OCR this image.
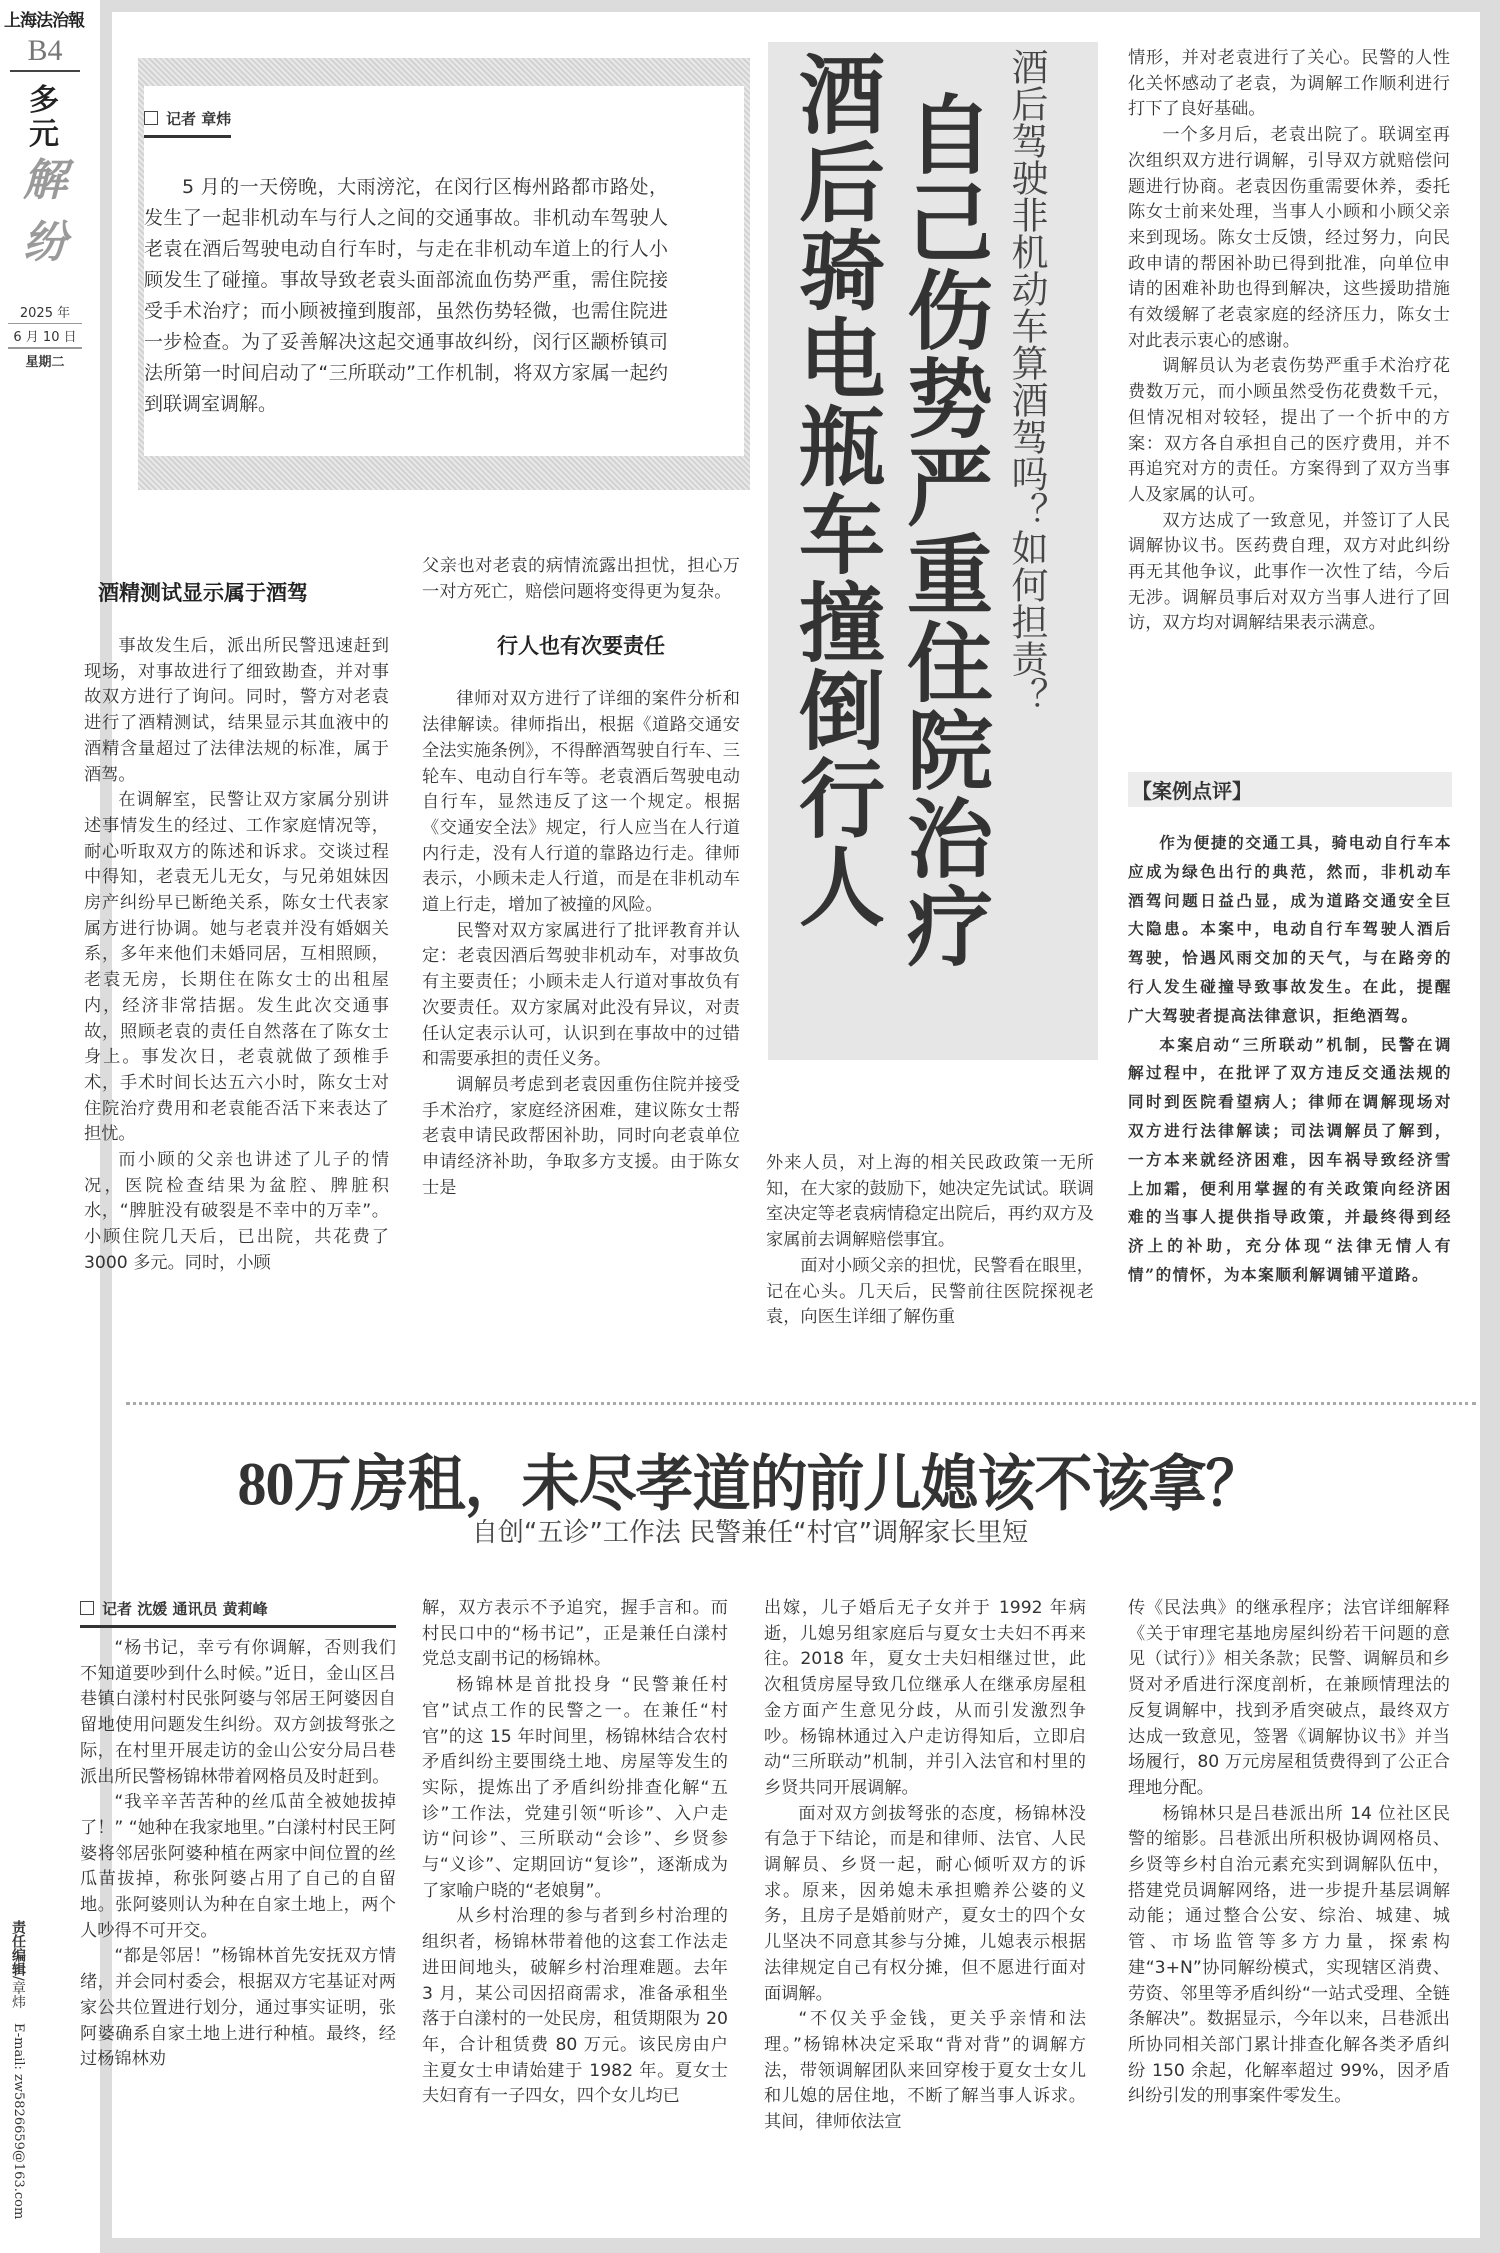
上海法治報
B4
多
元
解
纷
2025 年
6 月 10 日
星期二
责任编辑/章炜 E-mail: zw5826659@163.com
记者 章炜

5 月的一天傍晚，大雨滂沱，在闵行区梅州路都市路处，发生了一起非机动车与行人之间的交通事故。非机动车驾驶人老袁在酒后驾驶电动自行车时，与走在非机动车道上的行人小顾发生了碰撞。事故导致老袁头面部流血伤势严重，需住院接受手术治疗；而小顾被撞到腹部，虽然伤势轻微，也需住院进一步检查。为了妥善解决这起交通事故纠纷，闵行区颛桥镇司法所第一时间启动了“三所联动”工作机制，将双方家属一起约到联调室调解。

酒精测试显示属于酒驾

事故发生后，派出所民警迅速赶到现场，对事故进行了细致勘查，并对事故双方进行了询问。同时，警方对老袁进行了酒精测试，结果显示其血液中的酒精含量超过了法律法规的标准，属于酒驾。

在调解室，民警让双方家属分别讲述事情发生的经过、工作家庭情况等，耐心听取双方的陈述和诉求。交谈过程中得知，老袁无儿无女，与兄弟姐妹因房产纠纷早已断绝关系，陈女士代表家属方进行协调。她与老袁并没有婚姻关系，多年来他们未婚同居，互相照顾，老袁无房，长期住在陈女士的出租屋内，经济非常拮据。发生此次交通事故，照顾老袁的责任自然落在了陈女士身上。事发次日，老袁就做了颈椎手术，手术时间长达五六小时，陈女士对住院治疗费用和老袁能否活下来表达了担忧。

而小顾的父亲也讲述了儿子的情况，医院检查结果为盆腔、脾脏积水，“脾脏没有破裂是不幸中的万幸”。小顾住院几天后，已出院，共花费了 3000 多元。同时，小顾

父亲也对老袁的病情流露出担忧，担心万一对方死亡，赔偿问题将变得更为复杂。

行人也有次要责任

律师对双方进行了详细的案件分析和法律解读。律师指出，根据《道路交通安全法实施条例》，不得醉酒驾驶自行车、三轮车、电动自行车等。老袁酒后驾驶电动自行车，显然违反了这一个规定。根据《交通安全法》规定，行人应当在人行道内行走，没有人行道的靠路边行走。律师表示，小顾未走人行道，而是在非机动车道上行走，增加了被撞的风险。

民警对双方家属进行了批评教育并认定：老袁因酒后驾驶非机动车，对事故负有主要责任；小顾未走人行道对事故负有次要责任。双方家属对此没有异议，对责任认定表示认可，认识到在事故中的过错和需要承担的责任义务。

调解员考虑到老袁因重伤住院并接受手术治疗，家庭经济困难，建议陈女士帮老袁申请民政帮困补助，同时向老袁单位申请经济补助，争取多方支援。由于陈女士是

酒后骑电瓶车撞倒行人 自己伤势严重住院治疗 酒后驾驶非机动车算酒驾吗？如何担责？

外来人员，对上海的相关民政政策一无所知，在大家的鼓励下，她决定先试试。联调室决定等老袁病情稳定出院后，再约双方及家属前去调解赔偿事宜。

面对小顾父亲的担忧，民警看在眼里，记在心头。几天后，民警前往医院探视老袁，向医生详细了解伤重

情形，并对老袁进行了关心。民警的人性化关怀感动了老袁，为调解工作顺利进行打下了良好基础。

一个多月后，老袁出院了。联调室再次组织双方进行调解，引导双方就赔偿问题进行协商。老袁因伤重需要休养，委托陈女士前来处理，当事人小顾和小顾父亲来到现场。陈女士反馈，经过努力，向民政申请的帮困补助已得到批准，向单位申请的困难补助也得到解决，这些援助措施有效缓解了老袁家庭的经济压力，陈女士对此表示衷心的感谢。

调解员认为老袁伤势严重手术治疗花费数万元，而小顾虽然受伤花费数千元，但情况相对较轻，提出了一个折中的方案：双方各自承担自己的医疗费用，并不再追究对方的责任。方案得到了双方当事人及家属的认可。

双方达成了一致意见，并签订了人民调解协议书。医药费自理，双方对此纠纷再无其他争议，此事作一次性了结，今后无涉。调解员事后对双方当事人进行了回访，双方均对调解结果表示满意。

【案例点评】

作为便捷的交通工具，骑电动自行车本应成为绿色出行的典范，然而，非机动车酒驾问题日益凸显，成为道路交通安全巨大隐患。本案中，电动自行车驾驶人酒后驾驶，恰遇风雨交加的天气，与在路旁的行人发生碰撞导致事故发生。在此，提醒广大驾驶者提高法律意识，拒绝酒驾。

本案启动“三所联动”机制，民警在调解过程中，在批评了双方违反交通法规的同时到医院看望病人；律师在调解现场对双方进行法律解读；司法调解员了解到，一方本来就经济困难，因车祸导致经济雪上加霜，便利用掌握的有关政策向经济困难的当事人提供指导政策，并最终得到经济上的补助，充分体现“法律无情人有情”的情怀，为本案顺利解调铺平道路。

80万房租，未尽孝道的前儿媳该不该拿？
自创“五诊”工作法 民警兼任“村官”调解家长里短
记者 沈媛 通讯员 黄莉峰

“杨书记，幸亏有你调解，否则我们不知道要吵到什么时候。”近日，金山区吕巷镇白漾村村民张阿婆与邻居王阿婆因自留地使用问题发生纠纷。双方剑拔弩张之际，在村里开展走访的金山公安分局吕巷派出所民警杨锦林带着网格员及时赶到。

“我辛辛苦苦种的丝瓜苗全被她拔掉了！” “她种在我家地里。”白漾村村民王阿婆将邻居张阿婆种植在两家中间位置的丝瓜苗拔掉，称张阿婆占用了自己的自留地。张阿婆则认为种在自家土地上，两个人吵得不可开交。

“都是邻居！”杨锦林首先安抚双方情绪，并会同村委会，根据双方宅基证对两家公共位置进行划分，通过事实证明，张阿婆确系自家土地上进行种植。最终，经过杨锦林劝

解，双方表示不予追究，握手言和。而村民口中的“杨书记”，正是兼任白漾村党总支副书记的杨锦林。

杨锦林是首批投身 “民警兼任村官”试点工作的民警之一。在兼任“村官”的这 15 年时间里，杨锦林结合农村矛盾纠纷主要围绕土地、房屋等发生的实际，提炼出了矛盾纠纷排查化解“五诊”工作法，党建引领“听诊”、入户走访“问诊”、三所联动“会诊”、乡贤参与“义诊”、定期回访“复诊”，逐渐成为了家喻户晓的“老娘舅”。

从乡村治理的参与者到乡村治理的组织者，杨锦林带着他的这套工作法走进田间地头，破解乡村治理难题。去年 3 月，某公司因招商需求，准备承租坐落于白漾村的一处民房，租赁期限为 20 年，合计租赁费 80 万元。该民房由户主夏女士申请始建于 1982 年。夏女士夫妇育有一子四女，四个女儿均已

出嫁，儿子婚后无子女并于 1992 年病逝，儿媳另组家庭后与夏女士夫妇不再来往。2018 年，夏女士夫妇相继过世，此次租赁房屋导致几位继承人在继承房屋租金方面产生意见分歧，从而引发激烈争吵。杨锦林通过入户走访得知后，立即启动“三所联动”机制，并引入法官和村里的乡贤共同开展调解。

面对双方剑拔弩张的态度，杨锦林没有急于下结论，而是和律师、法官、人民调解员、乡贤一起，耐心倾听双方的诉求。原来，因弟媳未承担赡养公婆的义务，且房子是婚前财产，夏女士的四个女儿坚决不同意其参与分摊，儿媳表示根据法律规定自己有权分摊，但不愿进行面对面调解。

“不仅关乎金钱，更关乎亲情和法理。”杨锦林决定采取“背对背”的调解方法，带领调解团队来回穿梭于夏女士女儿和儿媳的居住地，不断了解当事人诉求。其间，律师依法宣

传《民法典》的继承程序；法官详细解释《关于审理宅基地房屋纠纷若干问题的意见（试行）》相关条款；民警、调解员和乡贤对矛盾进行深度剖析，在兼顾情理法的反复调解中，找到矛盾突破点，最终双方达成一致意见，签署《调解协议书》并当场履行，80 万元房屋租赁费得到了公正合理地分配。

杨锦林只是吕巷派出所 14 位社区民警的缩影。吕巷派出所积极协调网格员、乡贤等乡村自治元素充实到调解队伍中，搭建党员调解网络，进一步提升基层调解动能；通过整合公安、综治、城建、城管、市场监管等多方力量，探索构建“3+N”协同解纷模式，实现辖区消费、劳资、邻里等矛盾纠纷“一站式受理、全链条解决”。数据显示，今年以来，吕巷派出所协同相关部门累计排查化解各类矛盾纠纷 150 余起，化解率超过 99%，因矛盾纠纷引发的刑事案件零发生。
